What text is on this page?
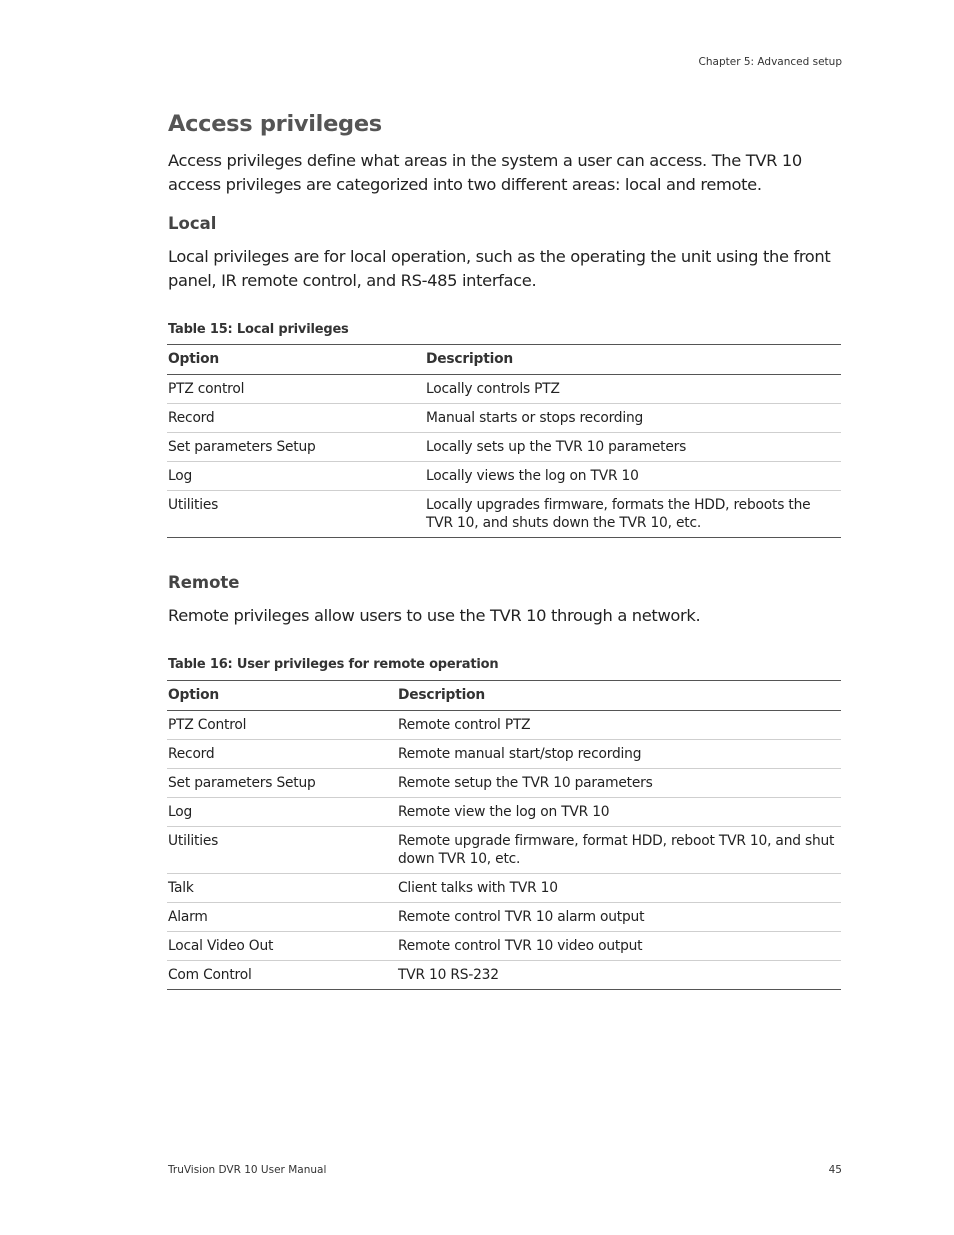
Chapter 5: Advanced setup
Access privileges

Access privileges define what areas in the system a user can access. The TVR 10 access privileges are categorized into two different areas: local and remote.

Local

Local privileges are for local operation, such as the operating the unit using the front panel, IR remote control, and RS-485 interface.

Table 15: Local privileges
Option	Description
PTZ control	Locally controls PTZ
Record	Manual starts or stops recording
Set parameters Setup	Locally sets up the TVR 10 parameters
Log	Locally views the log on TVR 10
Utilities	Locally upgrades firmware, formats the HDD, reboots the TVR 10, and shuts down the TVR 10, etc.
Remote

Remote privileges allow users to use the TVR 10 through a network.

Table 16: User privileges for remote operation
Option	Description
PTZ Control	Remote control PTZ
Record	Remote manual start/stop recording
Set parameters Setup	Remote setup the TVR 10 parameters
Log	Remote view the log on TVR 10
Utilities	Remote upgrade firmware, format HDD, reboot TVR 10, and shut down TVR 10, etc.
Talk	Client talks with TVR 10
Alarm	Remote control TVR 10 alarm output
Local Video Out	Remote control TVR 10 video output
Com Control	TVR 10 RS-232
TruVision DVR 10 User Manual	45
